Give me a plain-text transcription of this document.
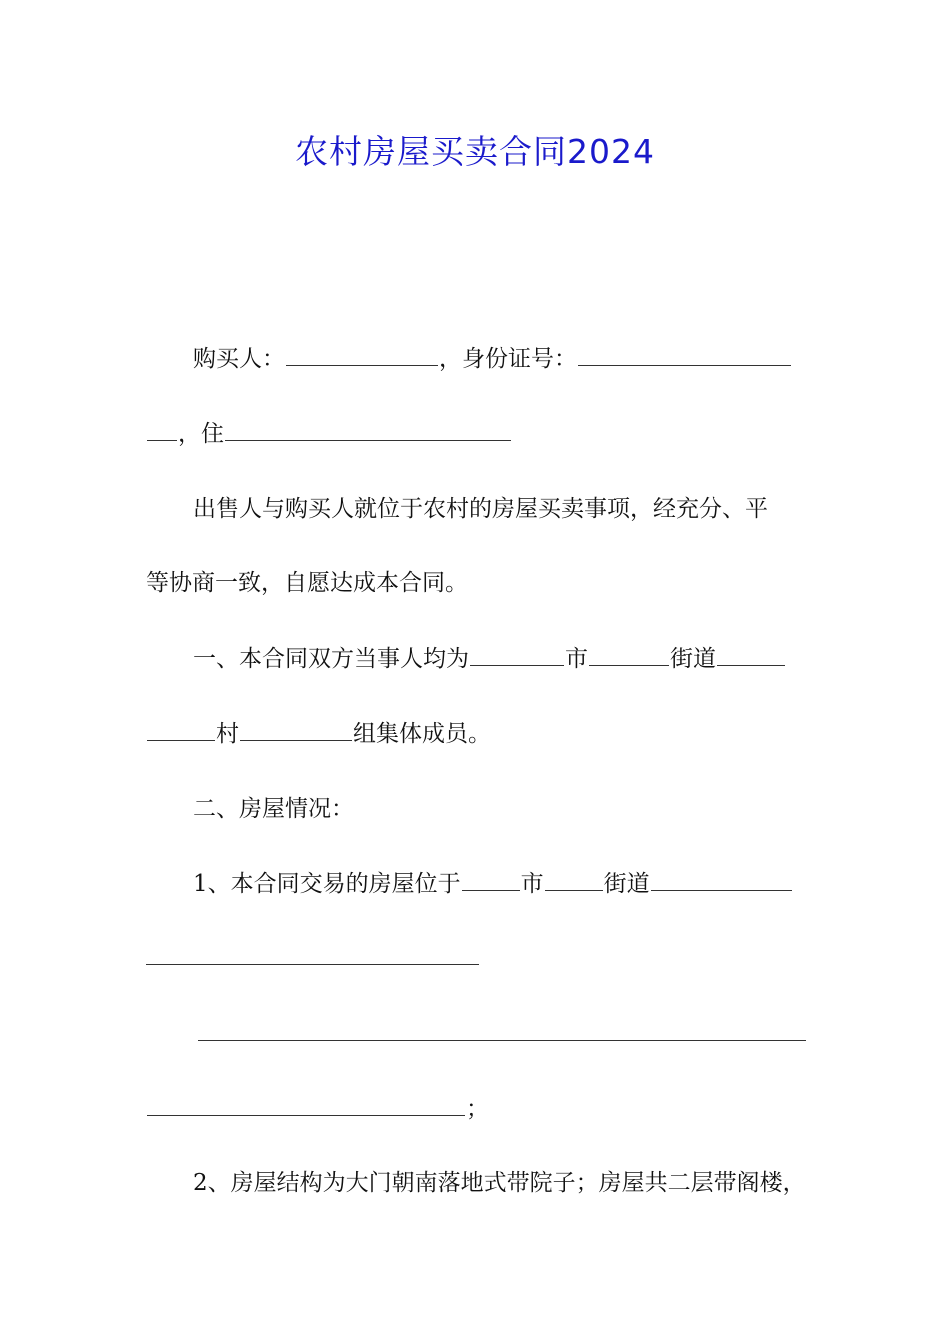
农村房屋买卖合同2024
购买人：	，身份证号：
，住
出售人与购买人就位于农村的房屋买卖事项，经充分、平
等协商一致，自愿达成本合同。
一、本合同双方当事人均为	市	街道
村	组集体成员。
二、房屋情况：
1、本合同交易的房屋位于	市	街道
；
2、房屋结构为大门朝南落地式带院子；房屋共二层带阁楼，
